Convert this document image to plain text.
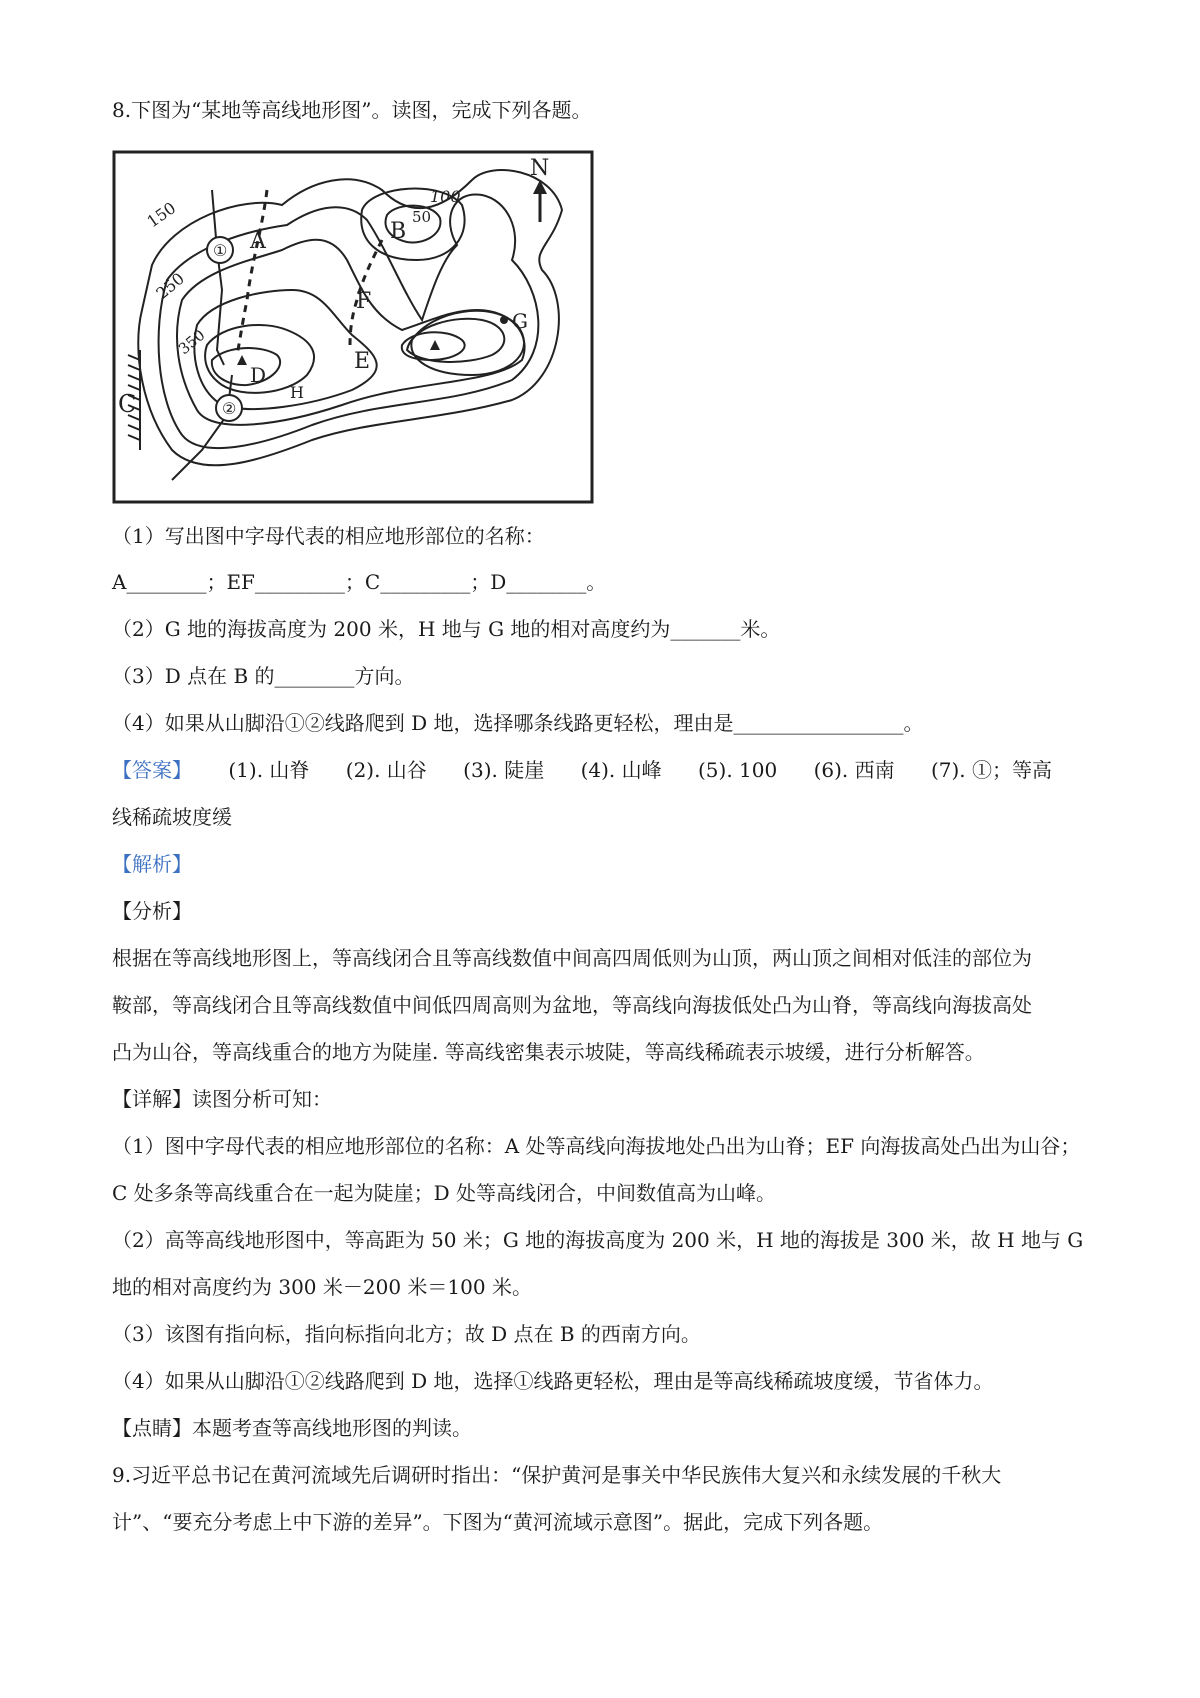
8.下图为“某地等高线地形图”。读图，完成下列各题。
150
250
350
100
50
A	B
C
D
E
F
G
H
①
②
N
（1）写出图中字母代表的相应地形部位的名称：
A________；EF_________；C_________；D________。
（2）G 地的海拔高度为 200 米，H 地与 G 地的相对高度约为_______米。
（3）D 点在 B 的________方向。
（4）如果从山脚沿①②线路爬到 D 地，选择哪条线路更轻松，理由是_________________。
【答案】 (1). 山脊 (2). 山谷 (3). 陡崖 (4). 山峰 (5). 100 (6). 西南 (7). ①；等高
线稀疏坡度缓
【解析】
【分析】
根据在等高线地形图上，等高线闭合且等高线数值中间高四周低则为山顶，两山顶之间相对低洼的部位为
鞍部，等高线闭合且等高线数值中间低四周高则为盆地，等高线向海拔低处凸为山脊，等高线向海拔高处
凸为山谷，等高线重合的地方为陡崖. 等高线密集表示坡陡，等高线稀疏表示坡缓，进行分析解答。
【详解】读图分析可知：
（1）图中字母代表的相应地形部位的名称：A 处等高线向海拔地处凸出为山脊；EF 向海拔高处凸出为山谷；
C 处多条等高线重合在一起为陡崖；D 处等高线闭合，中间数值高为山峰。
（2）高等高线地形图中，等高距为 50 米；G 地的海拔高度为 200 米，H 地的海拔是 300 米，故 H 地与 G
地的相对高度约为 300 米－200 米＝100 米。
（3）该图有指向标，指向标指向北方；故 D 点在 B 的西南方向。
（4）如果从山脚沿①②线路爬到 D 地，选择①线路更轻松，理由是等高线稀疏坡度缓，节省体力。
【点睛】本题考查等高线地形图的判读。
9.习近平总书记在黄河流域先后调研时指出：“保护黄河是事关中华民族伟大复兴和永续发展的千秋大
计”、“要充分考虑上中下游的差异”。下图为“黄河流域示意图”。据此，完成下列各题。
